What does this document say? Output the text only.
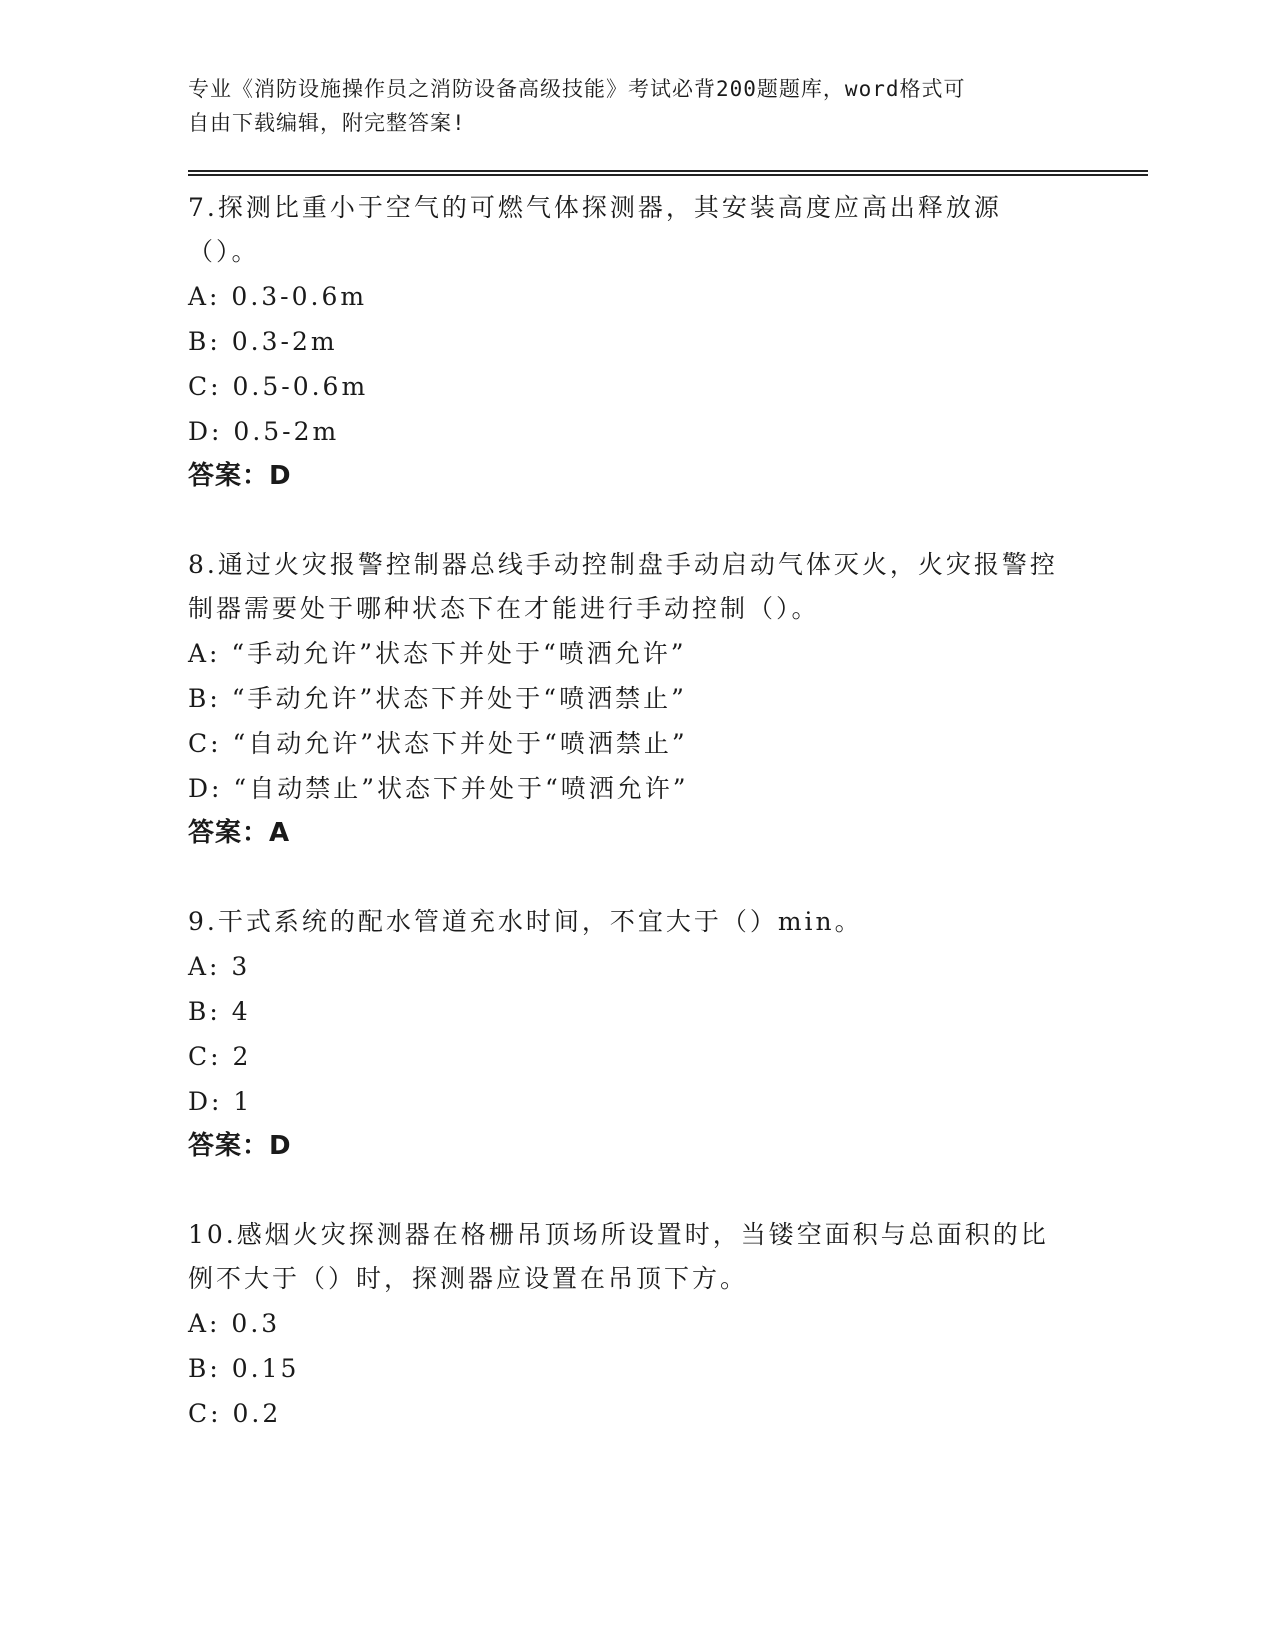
专业《消防设施操作员之消防设备高级技能》考试必背200题题库，word格式可
自由下载编辑，附完整答案!
7.探测比重小于空气的可燃气体探测器，其安装高度应高出释放源（）。
A: 0.3-0.6m
B: 0.3-2m
C: 0.5-0.6m
D: 0.5-2m
答案：D
8.通过火灾报警控制器总线手动控制盘手动启动气体灭火，火灾报警控制器需要处于哪种状态下在才能进行手动控制（）。
A: “手动允许”状态下并处于“喷洒允许”
B: “手动允许”状态下并处于“喷洒禁止”
C: “自动允许”状态下并处于“喷洒禁止”
D: “自动禁止”状态下并处于“喷洒允许”
答案：A
9.干式系统的配水管道充水时间，不宜大于（）min。
A: 3
B: 4
C: 2
D: 1
答案：D
10.感烟火灾探测器在格栅吊顶场所设置时，当镂空面积与总面积的比例不大于（）时，探测器应设置在吊顶下方。
A: 0.3
B: 0.15
C: 0.2
